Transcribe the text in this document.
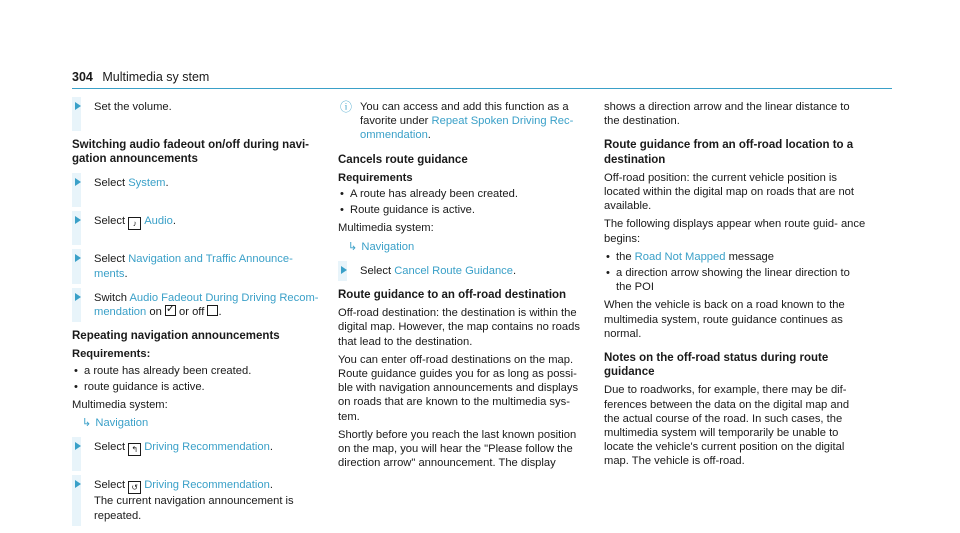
304 Multimedia sy stem
Set the volume.
Switching audio fadeout on/off during navi- gation announcements
Select System.
Select ♪ Audio.
Select Navigation and Traffic Announce- ments.
Switch Audio Fadeout During Driving Recom- mendation on ✓ or off .
Repeating navigation announcements

Requirements:

• a route has already been created.
• route guidance is active.

Multimedia system:

↳ Navigation
Select ↰ Driving Recommendation.
Select ↺ Driving Recommendation.
The current navigation announcement is repeated.
ⓘ You can access and add this function as a favorite under Repeat Spoken Driving Rec- ommendation.
Cancels route guidance

Requirements

• A route has already been created.
• Route guidance is active.

Multimedia system:

↳ Navigation
Select Cancel Route Guidance.
Route guidance to an off-road destination

Off-road destination: the destination is within the digital map. However, the map contains no roads that lead to the destination.

You can enter off-road destinations on the map. Route guidance guides you for as long as possi- ble with navigation announcements and displays on roads that are known to the multimedia sys- tem.

Shortly before you reach the last known position on the map, you will hear the "Please follow the direction arrow" announcement. The display

shows a direction arrow and the linear distance to the destination.

Route guidance from an off-road location to a destination

Off-road position: the current vehicle position is located within the digital map on roads that are not available.

The following displays appear when route guid- ance begins:

• the Road Not Mapped message
• a direction arrow showing the linear direction to the POI

When the vehicle is back on a road known to the multimedia system, route guidance continues as normal.

Notes on the off-road status during route guidance

Due to roadworks, for example, there may be dif- ferences between the data on the digital map and the actual course of the road. In such cases, the multimedia system will temporarily be unable to locate the vehicle's current position on the digital map. The vehicle is off-road.
